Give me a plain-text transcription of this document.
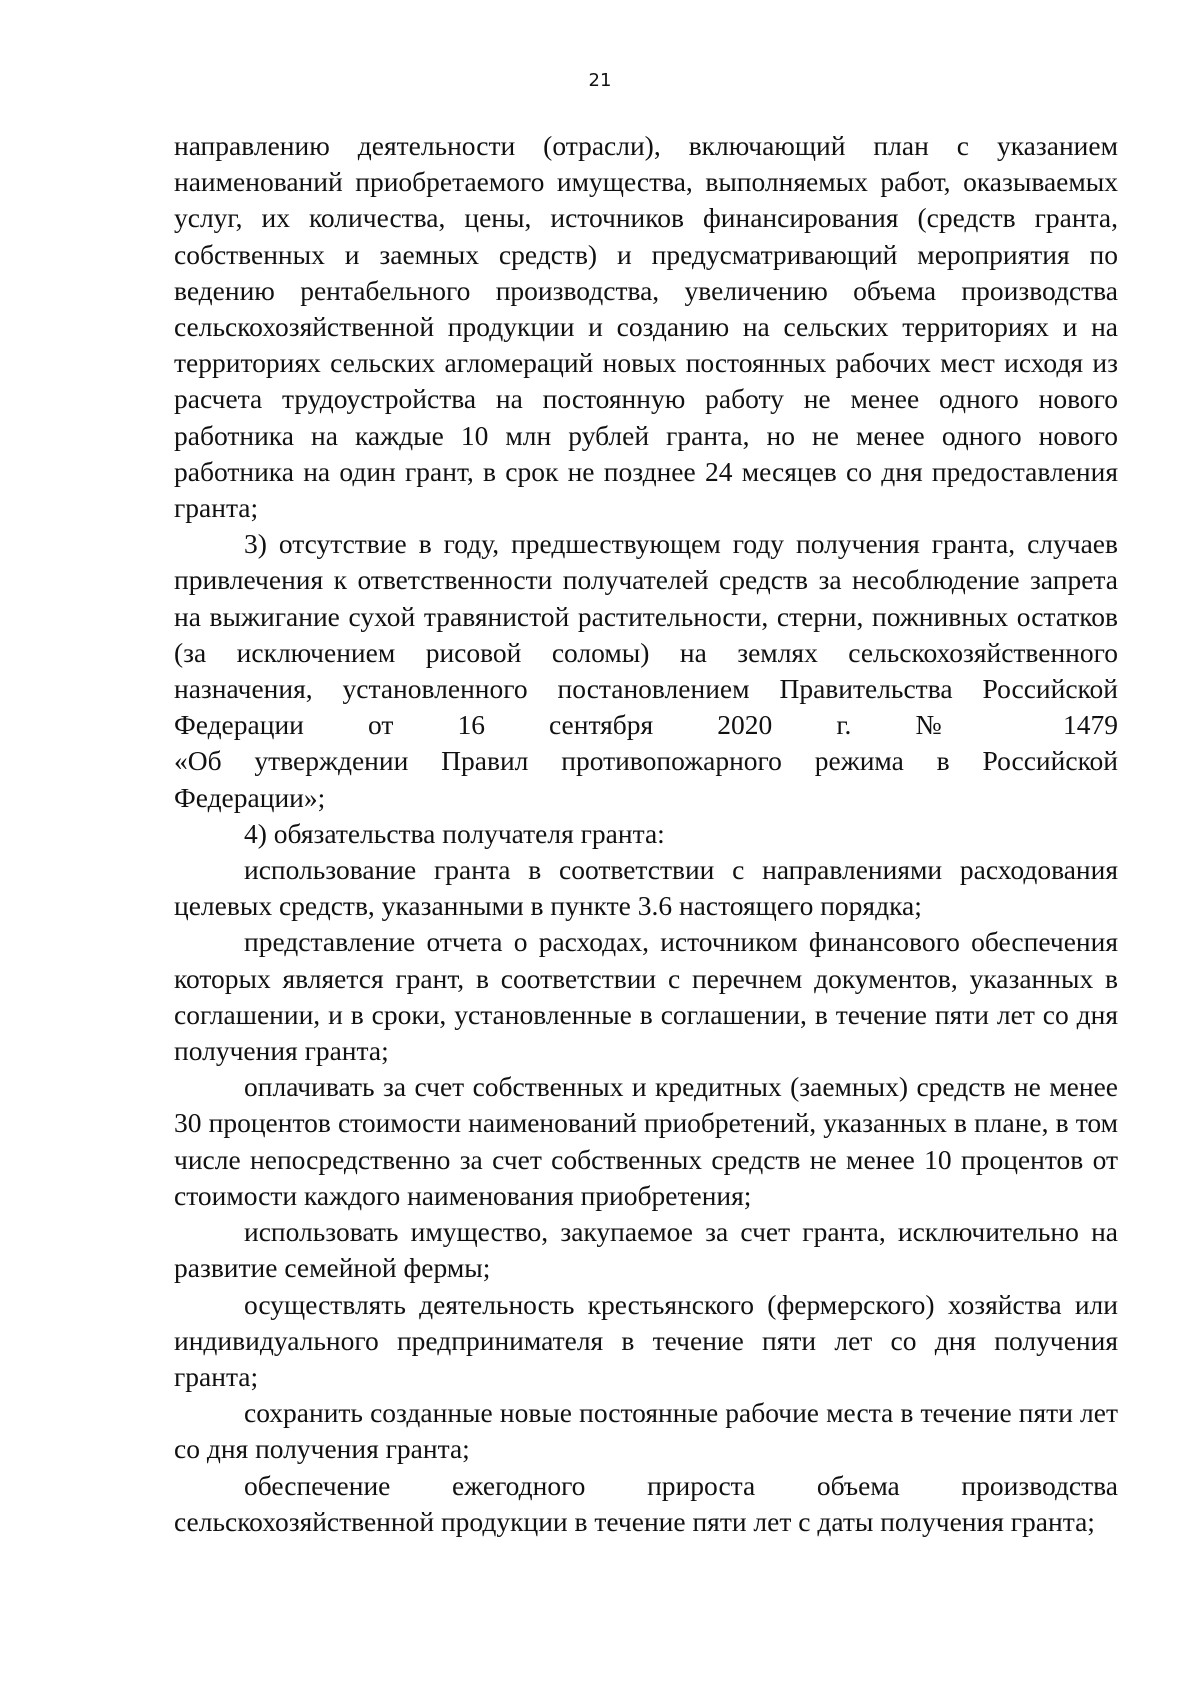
21

направлению деятельности (отрасли), включающий план с указанием наименований приобретаемого имущества, выполняемых работ, оказываемых услуг, их количества, цены, источников финансирования (средств гранта, собственных и заемных средств) и предусматривающий мероприятия по ведению рентабельного производства, увеличению объема производства сельскохозяйственной продукции и созданию на сельских территориях и на территориях сельских агломераций новых постоянных рабочих мест исходя из расчета трудоустройства на постоянную работу не менее одного нового работника на каждые 10 млн рублей гранта, но не менее одного нового работника на один грант, в срок не позднее 24 месяцев со дня предоставления гранта;

3) отсутствие в году, предшествующем году получения гранта, случаев привлечения к ответственности получателей средств за несоблюдение запрета на выжигание сухой травянистой растительности, стерни, пожнивных остатков (за исключением рисовой соломы) на землях сельскохозяйственного назначения, установленного постановлением Правительства Российской Федерации от 16 сентября 2020 г. № 1479

«Об утверждении Правил противопожарного режима в Российской Федерации»;

4) обязательства получателя гранта:

использование гранта в соответствии с направлениями расходования целевых средств, указанными в пункте 3.6 настоящего порядка;

представление отчета о расходах, источником финансового обеспечения которых является грант, в соответствии с перечнем документов, указанных в соглашении, и в сроки, установленные в соглашении, в течение пяти лет со дня получения гранта;

оплачивать за счет собственных и кредитных (заемных) средств не менее 30 процентов стоимости наименований приобретений, указанных в плане, в том числе непосредственно за счет собственных средств не менее 10 процентов от стоимости каждого наименования приобретения;

использовать имущество, закупаемое за счет гранта, исключительно на развитие семейной фермы;

осуществлять деятельность крестьянского (фермерского) хозяйства или индивидуального предпринимателя в течение пяти лет со дня получения гранта;

сохранить созданные новые постоянные рабочие места в течение пяти лет со дня получения гранта;

обеспечение ежегодного прироста объема производства сельскохозяйственной продукции в течение пяти лет с даты получения гранта;
